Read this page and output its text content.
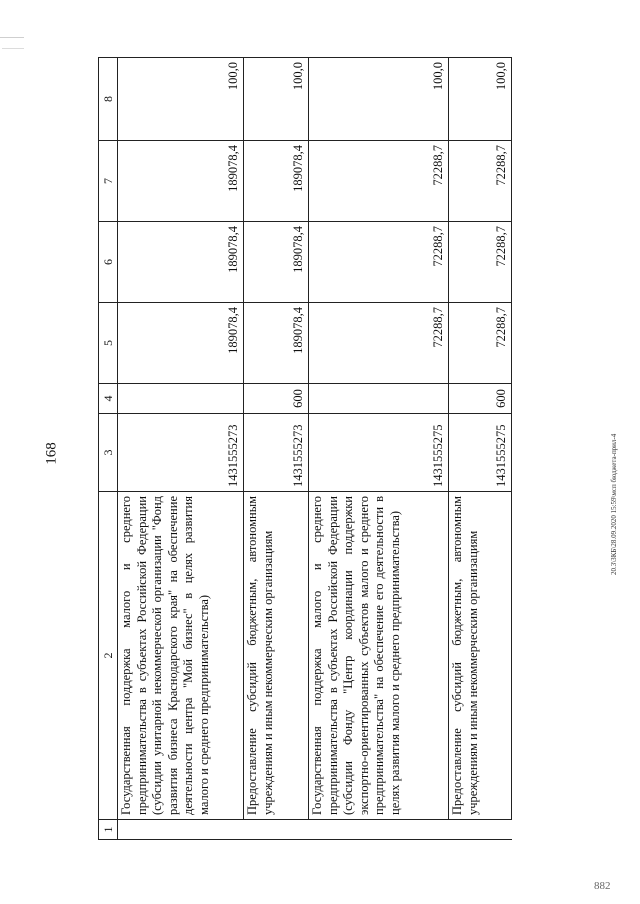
168
1	2	3	4	5	6	7	8
	Государственная поддержка малого и среднего предпринимательства в субъектах Российской Федерации (субсидии унитарной некоммерческой организации "Фонд развития бизнеса Краснодарского края" на обеспечение деятельности центра "Мой бизнес" в целях развития малого и среднего предпринимательства)	1431555273		189078,4	189078,4	189078,4	100,0
	Предоставление субсидий бюджетным, автономным учреждениям и иным некоммерческим организациям	1431555273	600	189078,4	189078,4	189078,4	100,0
	Государственная поддержка малого и среднего предпринимательства в субъектах Российской Федерации (субсидии Фонду "Центр координации поддержки экспортно-ориентированных субъектов малого и среднего предпринимательства" на обеспечение его деятельности в целях развития малого и среднего предпринимательства)	1431555275		72288,7	72288,7	72288,7	100,0
	Предоставление субсидий бюджетным, автономным учреждениям и иным некоммерческим организациям	1431555275	600	72288,7	72288,7	72288,7	100,0
20.3\ЗКБ\28.09.2020 15:59\мсп бюджета-прил-4
882
